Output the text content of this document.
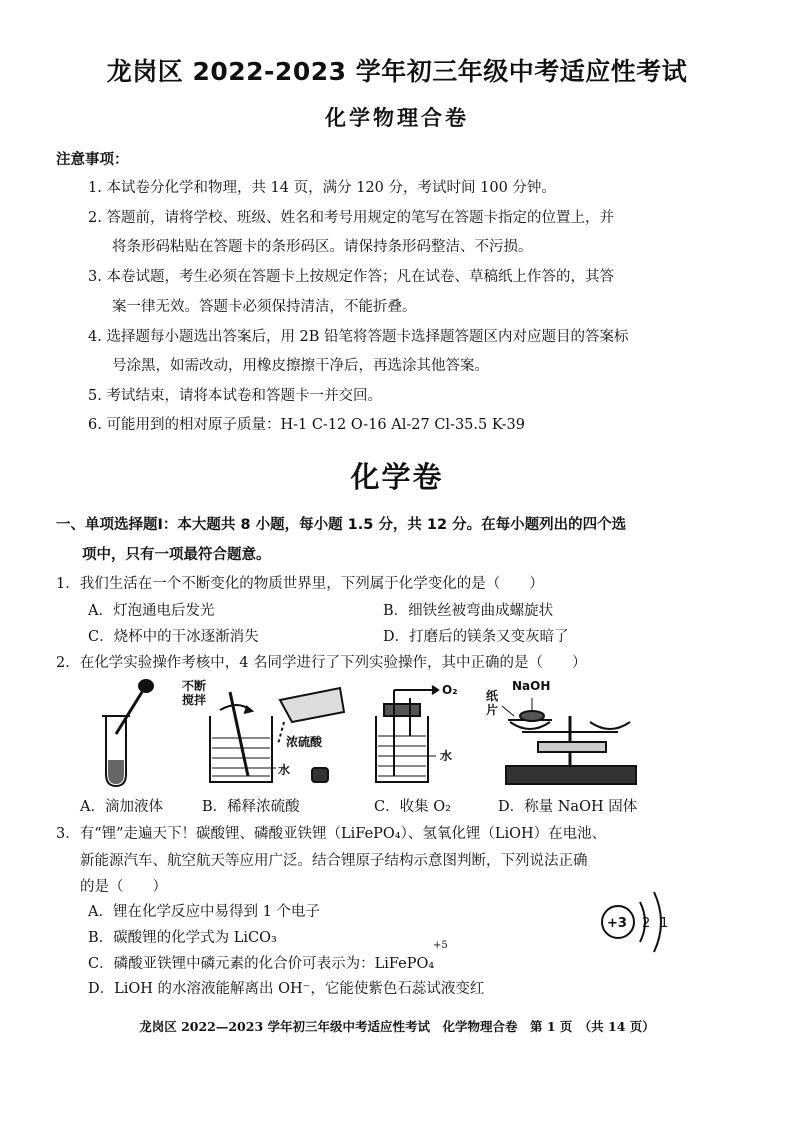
龙岗区 2022-2023 学年初三年级中考适应性考试
化学物理合卷
注意事项：
1. 本试卷分化学和物理，共 14 页，满分 120 分，考试时间 100 分钟。
2. 答题前，请将学校、班级、姓名和考号用规定的笔写在答题卡指定的位置上，并
将条形码粘贴在答题卡的条形码区。请保持条形码整洁、不污损。
3. 本卷试题，考生必须在答题卡上按规定作答；凡在试卷、草稿纸上作答的，其答
案一律无效。答题卡必须保持清洁，不能折叠。
4. 选择题每小题选出答案后，用 2B 铅笔将答题卡选择题答题区内对应题目的答案标
号涂黑，如需改动，用橡皮擦擦干净后，再选涂其他答案。
5. 考试结束，请将本试卷和答题卡一并交回。
6. 可能用到的相对原子质量：H-1 C-12 O-16 Al-27 Cl-35.5 K-39
化学卷
一、单项选择题Ⅰ：本大题共 8 小题，每小题 1.5 分，共 12 分。在每小题列出的四个选
项中，只有一项最符合题意。
1．我们生活在一个不断变化的物质世界里，下列属于化学变化的是（　　）
A．灯泡通电后发光	B．细铁丝被弯曲成螺旋状
C．烧杯中的干冰逐渐消失	D．打磨后的镁条又变灰暗了
2．在化学实验操作考核中，4 名同学进行了下列实验操作，其中正确的是（　　）
不断
搅拌
浓硫酸
水
O₂
水
NaOH
纸
片
A．滴加液体	B．稀释浓硫酸	C．收集 O₂	D．称量 NaOH 固体
3．有“锂”走遍天下！碳酸锂、磷酸亚铁锂（LiFePO₄）、氢氧化锂（LiOH）在电池、
新能源汽车、航空航天等应用广泛。结合锂原子结构示意图判断，下列说法正确
的是（　　）
A．锂在化学反应中易得到 1 个电子
B．碳酸锂的化学式为 LiCO₃
C．磷酸亚铁锂中磷元素的化合价可表示为：LiFePO₄
+5
D．LiOH 的水溶液能解离出 OH⁻，它能使紫色石蕊试液变红
+3 2 1
龙岗区 2022—2023 学年初三年级中考适应性考试　化学物理合卷　第 1 页　（共 14 页）
